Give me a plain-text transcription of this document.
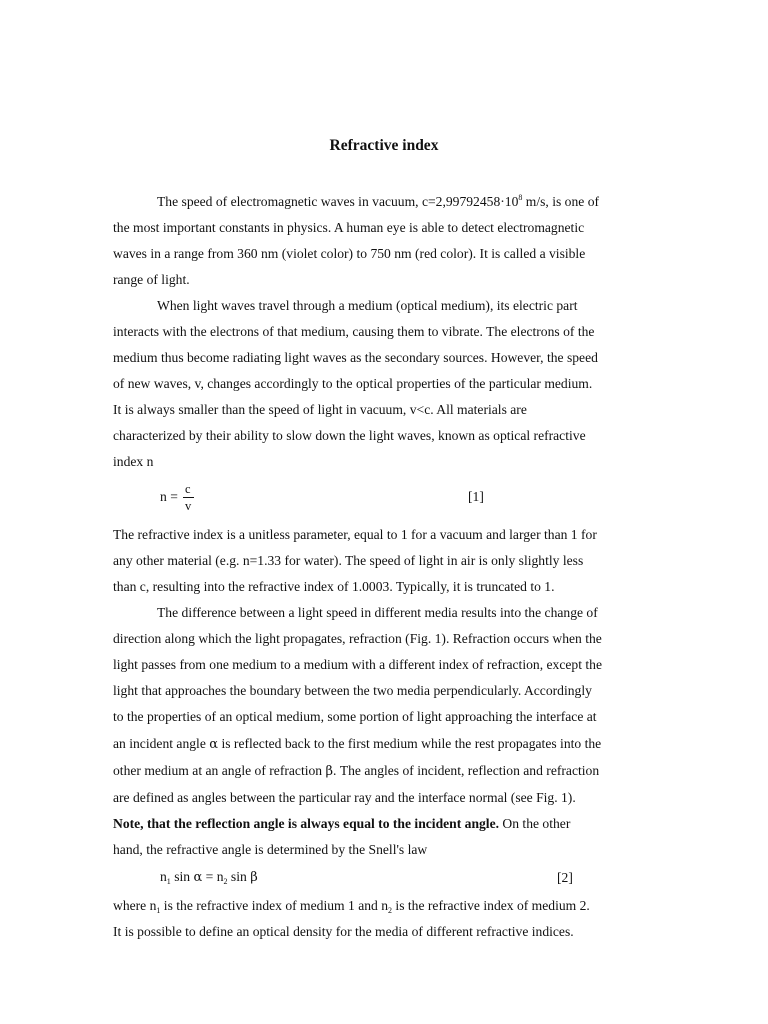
Refractive index
The speed of electromagnetic waves in vacuum, $c=2,99792458\cdot 10^8$ m/s, is one of
the most important constants in physics. A human eye is able to detect electromagnetic
waves in a range from 360 nm (violet color) to 750 nm (red color). It is called a visible
range of light.
When light waves travel through a medium (optical medium), its electric part
interacts with the electrons of that medium, causing them to vibrate. The electrons of the
medium thus become radiating light waves as the secondary sources. However, the speed
of new waves, v, changes accordingly to the optical properties of the particular medium.
It is always smaller than the speed of light in vacuum, v<c. All materials are
characterized by their ability to slow down the light waves, known as optical refractive
index n
n = c
v
[1]
The refractive index is a unitless parameter, equal to 1 for a vacuum and larger than 1 for
any other material (e.g. n=1.33 for water). The speed of light in air is only slightly less
than c, resulting into the refractive index of 1.0003. Typically, it is truncated to 1.
The difference between a light speed in different media results into the change of
direction along which the light propagates, refraction (Fig. 1). Refraction occurs when the
light passes from one medium to a medium with a different index of refraction, except the
light that approaches the boundary between the two media perpendicularly. Accordingly
to the properties of an optical medium, some portion of light approaching the interface at
an incident angle α is reflected back to the first medium while the rest propagates into the
other medium at an angle of refraction β. The angles of incident, reflection and refraction
are defined as angles between the particular ray and the interface normal (see Fig. 1).
Note, that the reflection angle is always equal to the incident angle. On the other
hand, the refractive angle is determined by the Snell's law
$n_1$ $\sin \alpha = n_2$ sin β	[2]
where $n_1$ is the refractive index of medium 1 and $n_2$ is the refractive index of medium 2.
It is possible to define an optical density for the media of different refractive indices.
